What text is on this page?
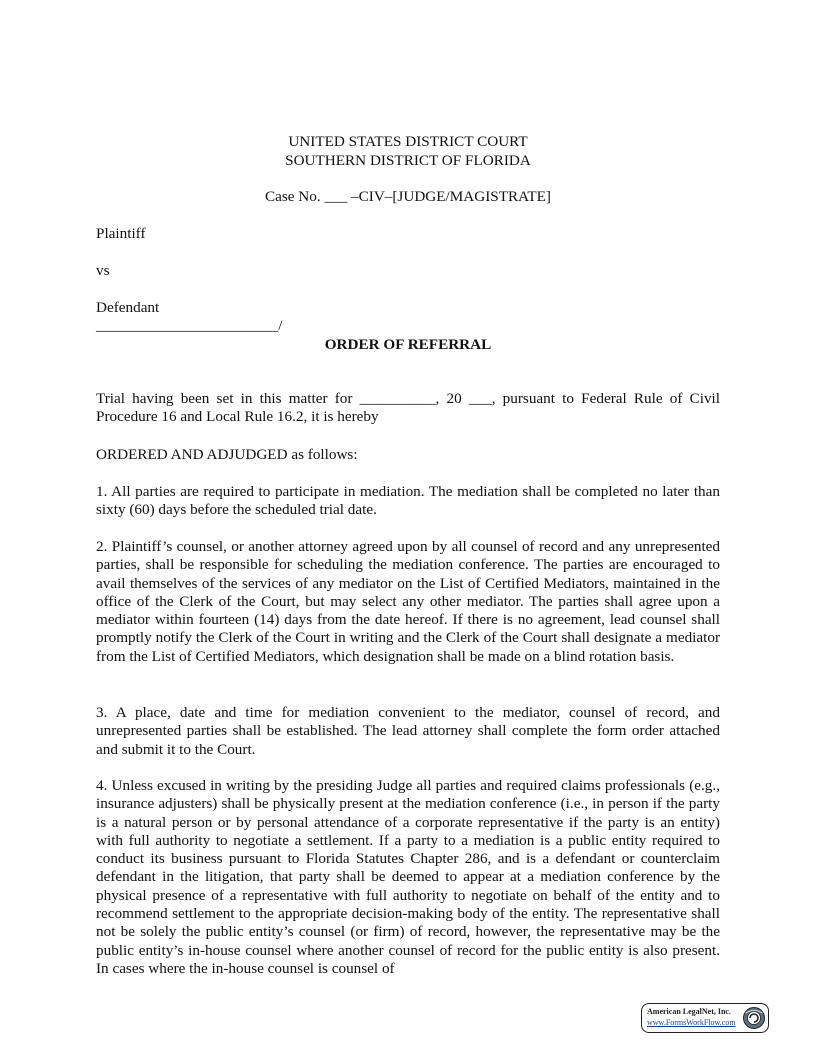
UNITED STATES DISTRICT COURT
SOUTHERN DISTRICT OF FLORIDA
Case No. ___ –CIV–[JUDGE/MAGISTRATE]
Plaintiff
vs
Defendant
________________________/
ORDER OF REFERRAL
Trial having been set in this matter for __________, 20 ___, pursuant to Federal Rule of Civil Procedure 16 and Local Rule 16.2, it is hereby
ORDERED AND ADJUDGED as follows:
1. All parties are required to participate in mediation. The mediation shall be completed no later than sixty (60) days before the scheduled trial date.
2. Plaintiff’s counsel, or another attorney agreed upon by all counsel of record and any unrepresented parties, shall be responsible for scheduling the mediation conference. The parties are encouraged to avail themselves of the services of any mediator on the List of Certified Mediators, maintained in the office of the Clerk of the Court, but may select any other mediator. The parties shall agree upon a mediator within fourteen (14) days from the date hereof. If there is no agreement, lead counsel shall promptly notify the Clerk of the Court in writing and the Clerk of the Court shall designate a mediator from the List of Certified Mediators, which designation shall be made on a blind rotation basis.
3. A place, date and time for mediation convenient to the mediator, counsel of record, and unrepresented parties shall be established. The lead attorney shall complete the form order attached and submit it to the Court.
4. Unless excused in writing by the presiding Judge all parties and required claims professionals (e.g., insurance adjusters) shall be physically present at the mediation conference (i.e., in person if the party is a natural person or by personal attendance of a corporate representative if the party is an entity) with full authority to negotiate a settlement. If a party to a mediation is a public entity required to conduct its business pursuant to Florida Statutes Chapter 286, and is a defendant or counterclaim defendant in the litigation, that party shall be deemed to appear at a mediation conference by the physical presence of a representative with full authority to negotiate on behalf of the entity and to recommend settlement to the appropriate decision-making body of the entity. The representative shall not be solely the public entity’s counsel (or firm) of record, however, the representative may be the public entity’s in-house counsel where another counsel of record for the public entity is also present. In cases where the in-house counsel is counsel of
American LegalNet, Inc.
www.FormsWorkFlow.com
